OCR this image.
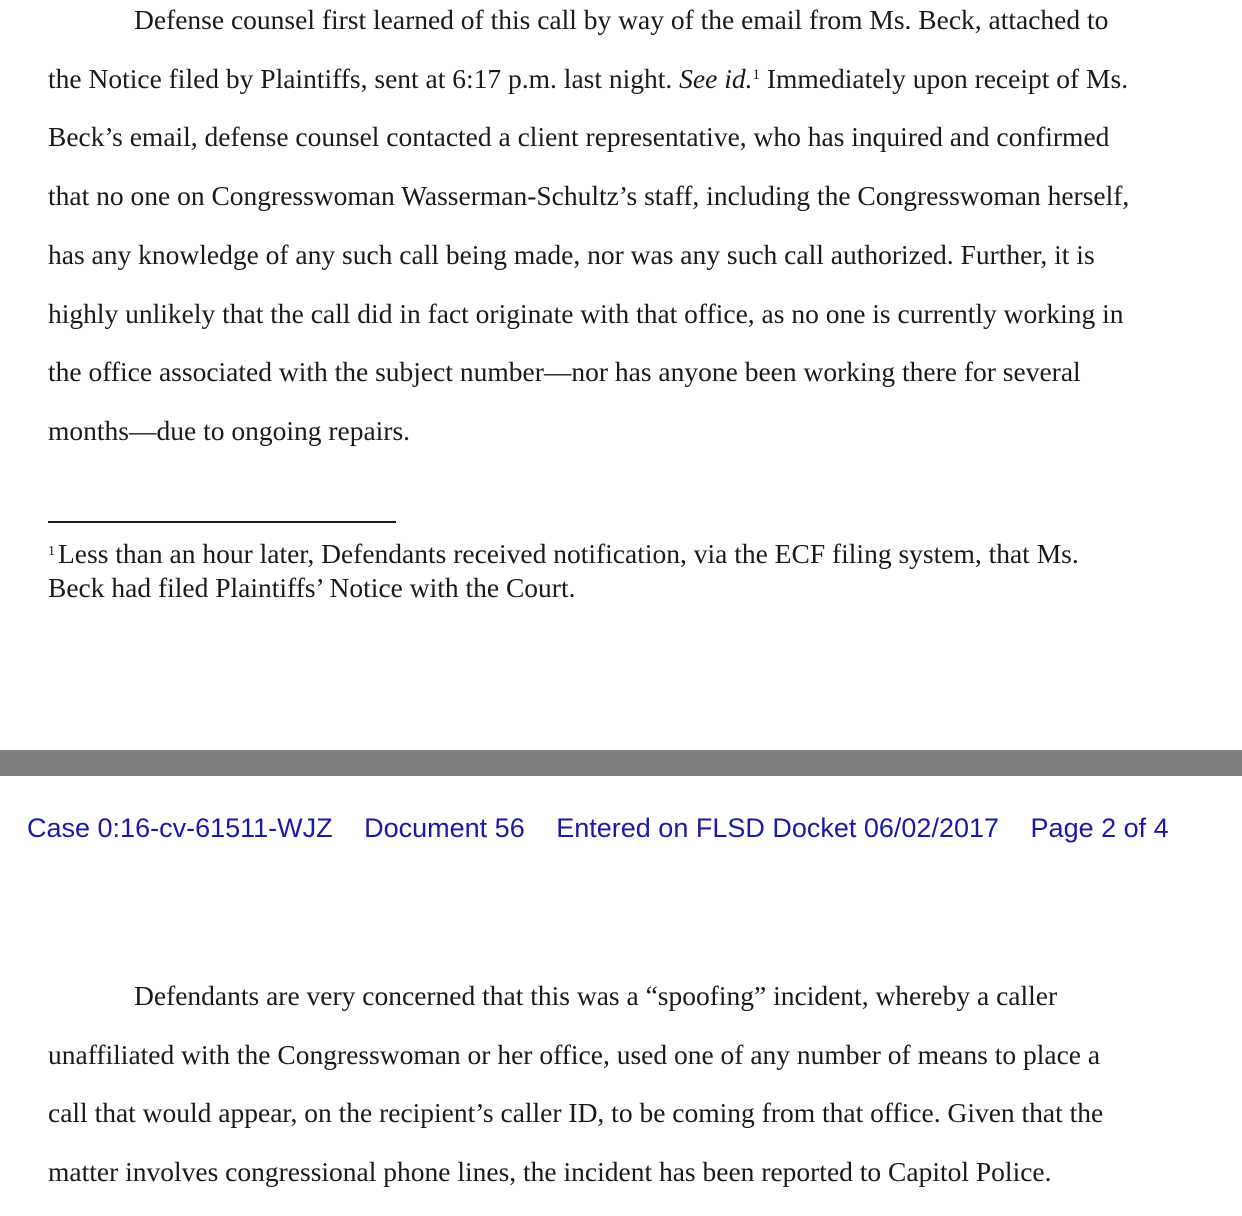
Defense counsel first learned of this call by way of the email from Ms. Beck, attached to
the Notice filed by Plaintiffs, sent at 6:17 p.m. last night. See id.$^1$ Immediately upon receipt of Ms.
Beck’s email, defense counsel contacted a client representative, who has inquired and confirmed
that no one on Congresswoman Wasserman-Schultz’s staff, including the Congresswoman herself,
has any knowledge of any such call being made, nor was any such call authorized. Further, it is
highly unlikely that the call did in fact originate with that office, as no one is currently working in
the office associated with the subject number—nor has anyone been working there for several
months—due to ongoing repairs.
$^1$ Less than an hour later, Defendants received notification, via the ECF filing system, that Ms.
Beck had filed Plaintiffs’ Notice with the Court.
Case 0:16-cv-61511-WJZ Document 56 Entered on FLSD Docket 06/02/2017 Page 2 of 4
Defendants are very concerned that this was a “spoofing” incident, whereby a caller
unaffiliated with the Congresswoman or her office, used one of any number of means to place a
call that would appear, on the recipient’s caller ID, to be coming from that office. Given that the
matter involves congressional phone lines, the incident has been reported to Capitol Police.
